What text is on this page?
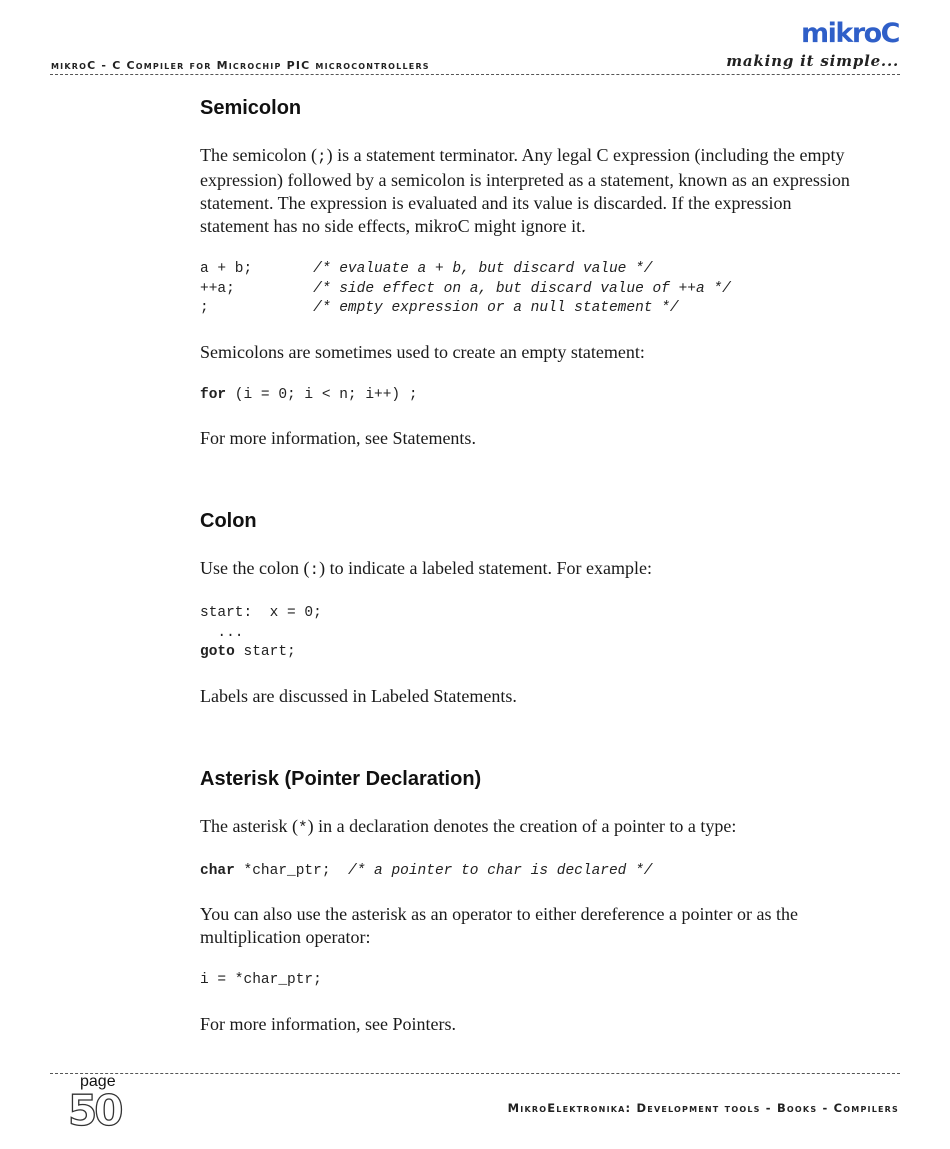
mikroC
making it simple...
mikroC - C Compiler for Microchip PIC microcontrollers
Semicolon

The semicolon (;) is a statement terminator. Any legal C expression (including the empty expression) followed by a semicolon is interpreted as a statement, known as an expression statement. The expression is evaluated and its value is discarded. If the expression statement has no side effects, mikroC might ignore it.

a + b;       /* evaluate a + b, but discard value */
++a;         /* side effect on a, but discard value of ++a */
;            /* empty expression or a null statement */

Semicolons are sometimes used to create an empty statement:

for (i = 0; i < n; i++) ;

For more information, see Statements.

Colon

Use the colon (:) to indicate a labeled statement. For example:

start:  x = 0;
...
goto start;

Labels are discussed in Labeled Statements.

Asterisk (Pointer Declaration)

The asterisk (*) in a declaration denotes the creation of a pointer to a type:

char *char_ptr;  /* a pointer to char is declared */

You can also use the asterisk as an operator to either dereference a pointer or as the multiplication operator:

i = *char_ptr;

For more information, see Pointers.

page
50	MikroElektronika: Development tools - Books - Compilers
